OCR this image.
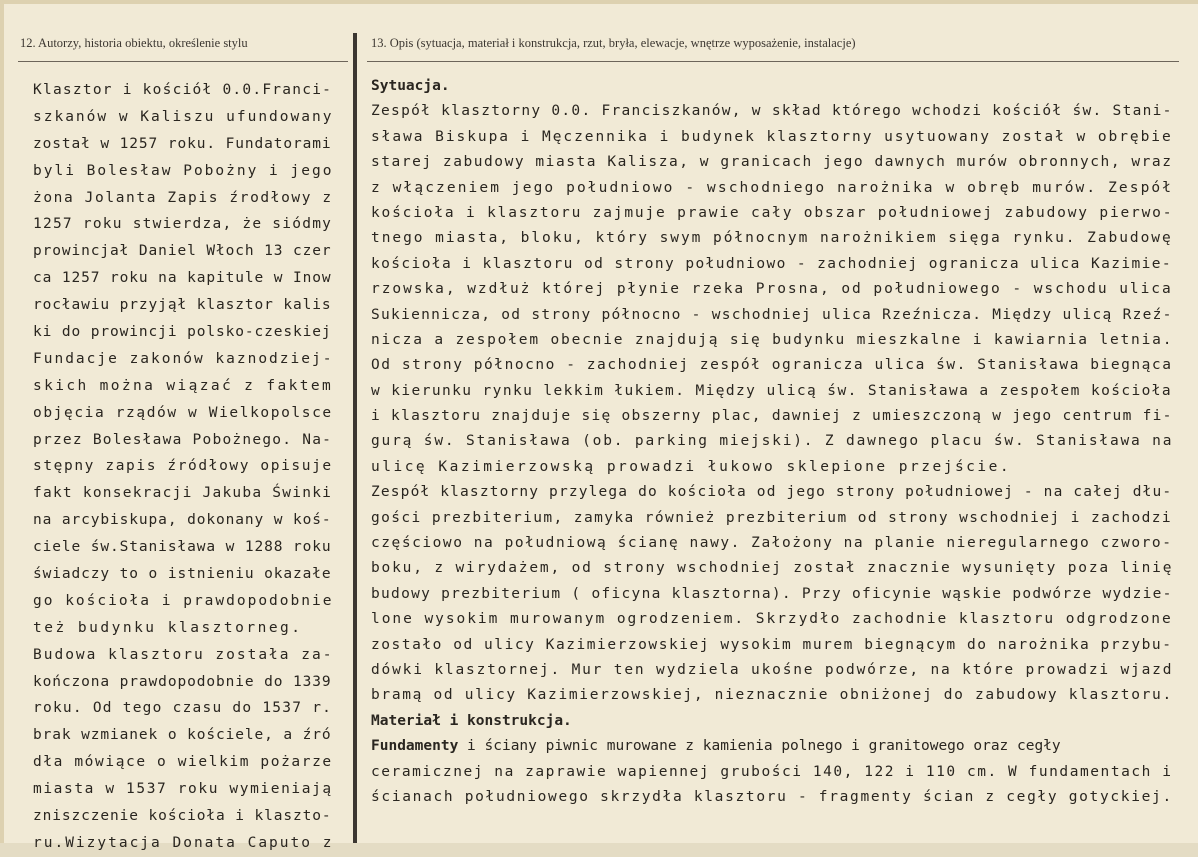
12. Autorzy, historia obiektu, określenie stylu	13. Opis (sytuacja, materiał i konstrukcja, rzut, bryła, elewacje, wnętrze wyposażenie, instalacje)
Klasztor i kościół 0.0.Franci-
szkanów w Kaliszu ufundowany
został w 1257 roku. Fundatorami
byli Bolesław Pobożny i jego
żona Jolanta Zapis źrodłowy z
1257 roku stwierdza, że siódmy
prowincjał Daniel Włoch 13 czer
ca 1257 roku na kapitule w Inow
rocławiu przyjął klasztor kalis
ki do prowincji polsko-czeskiej
Fundacje zakonów kaznodziej-
skich można wiązać z faktem
objęcia rządów w Wielkopolsce
przez Bolesława Pobożnego. Na-
stępny zapis źródłowy opisuje
fakt konsekracji Jakuba Świnki
na arcybiskupa, dokonany w koś-
ciele św.Stanisława w 1288 roku
świadczy to o istnieniu okazałe
go kościoła i prawdopodobnie
też budynku klasztorneg.
Budowa klasztoru została za-
kończona prawdopodobnie do 1339
roku. Od tego czasu do 1537 r.
brak wzmianek o kościele, a źró
dła mówiące o wielkim pożarze
miasta w 1537 roku wymieniają
zniszczenie kościoła i klaszto-
ru.Wizytacja Donata Caputo z
Sytuacja.
Zespół klasztorny 0.0. Franciszkanów, w skład którego wchodzi kościół św. Stani-
sława Biskupa i Męczennika i budynek klasztorny usytuowany został w obrębie
starej zabudowy miasta Kalisza, w granicach jego dawnych murów obronnych, wraz
z włączeniem jego południowo - wschodniego narożnika w obręb murów. Zespół
kościoła i klasztoru zajmuje prawie cały obszar południowej zabudowy pierwo-
tnego miasta, bloku, który swym północnym narożnikiem sięga rynku. Zabudowę
kościoła i klasztoru od strony południowo - zachodniej ogranicza ulica Kazimie-
rzowska, wzdłuż której płynie rzeka Prosna, od południowego - wschodu ulica
Sukiennicza, od strony północno - wschodniej ulica Rzeźnicza. Między ulicą Rzeź-
nicza a zespołem obecnie znajdują się budynku mieszkalne i kawiarnia letnia.
Od strony północno - zachodniej zespół ogranicza ulica św. Stanisława biegnąca
w kierunku rynku lekkim łukiem. Między ulicą św. Stanisława a zespołem kościoła
i klasztoru znajduje się obszerny plac, dawniej z umieszczoną w jego centrum fi-
gurą św. Stanisława (ob. parking miejski). Z dawnego placu św. Stanisława na
ulicę Kazimierzowską prowadzi łukowo sklepione przejście.
Zespół klasztorny przylega do kościoła od jego strony południowej - na całej dłu-
gości prezbiterium, zamyka również prezbiterium od strony wschodniej i zachodzi
częściowo na południową ścianę nawy. Założony na planie nieregularnego czworo-
boku, z wirydażem, od strony wschodniej został znacznie wysunięty poza linię
budowy prezbiterium ( oficyna klasztorna). Przy oficynie wąskie podwórze wydzie-
lone wysokim murowanym ogrodzeniem. Skrzydło zachodnie klasztoru odgrodzone
zostało od ulicy Kazimierzowskiej wysokim murem biegnącym do narożnika przybu-
dówki klasztornej. Mur ten wydziela ukośne podwórze, na które prowadzi wjazd
bramą od ulicy Kazimierzowskiej, nieznacznie obniżonej do zabudowy klasztoru.
Materiał i konstrukcja.
Fundamenty i ściany piwnic murowane z kamienia polnego i granitowego oraz cegły
ceramicznej na zaprawie wapiennej grubości 140, 122 i 110 cm. W fundamentach i
ścianach południowego skrzydła klasztoru - fragmenty ścian z cegły gotyckiej.
